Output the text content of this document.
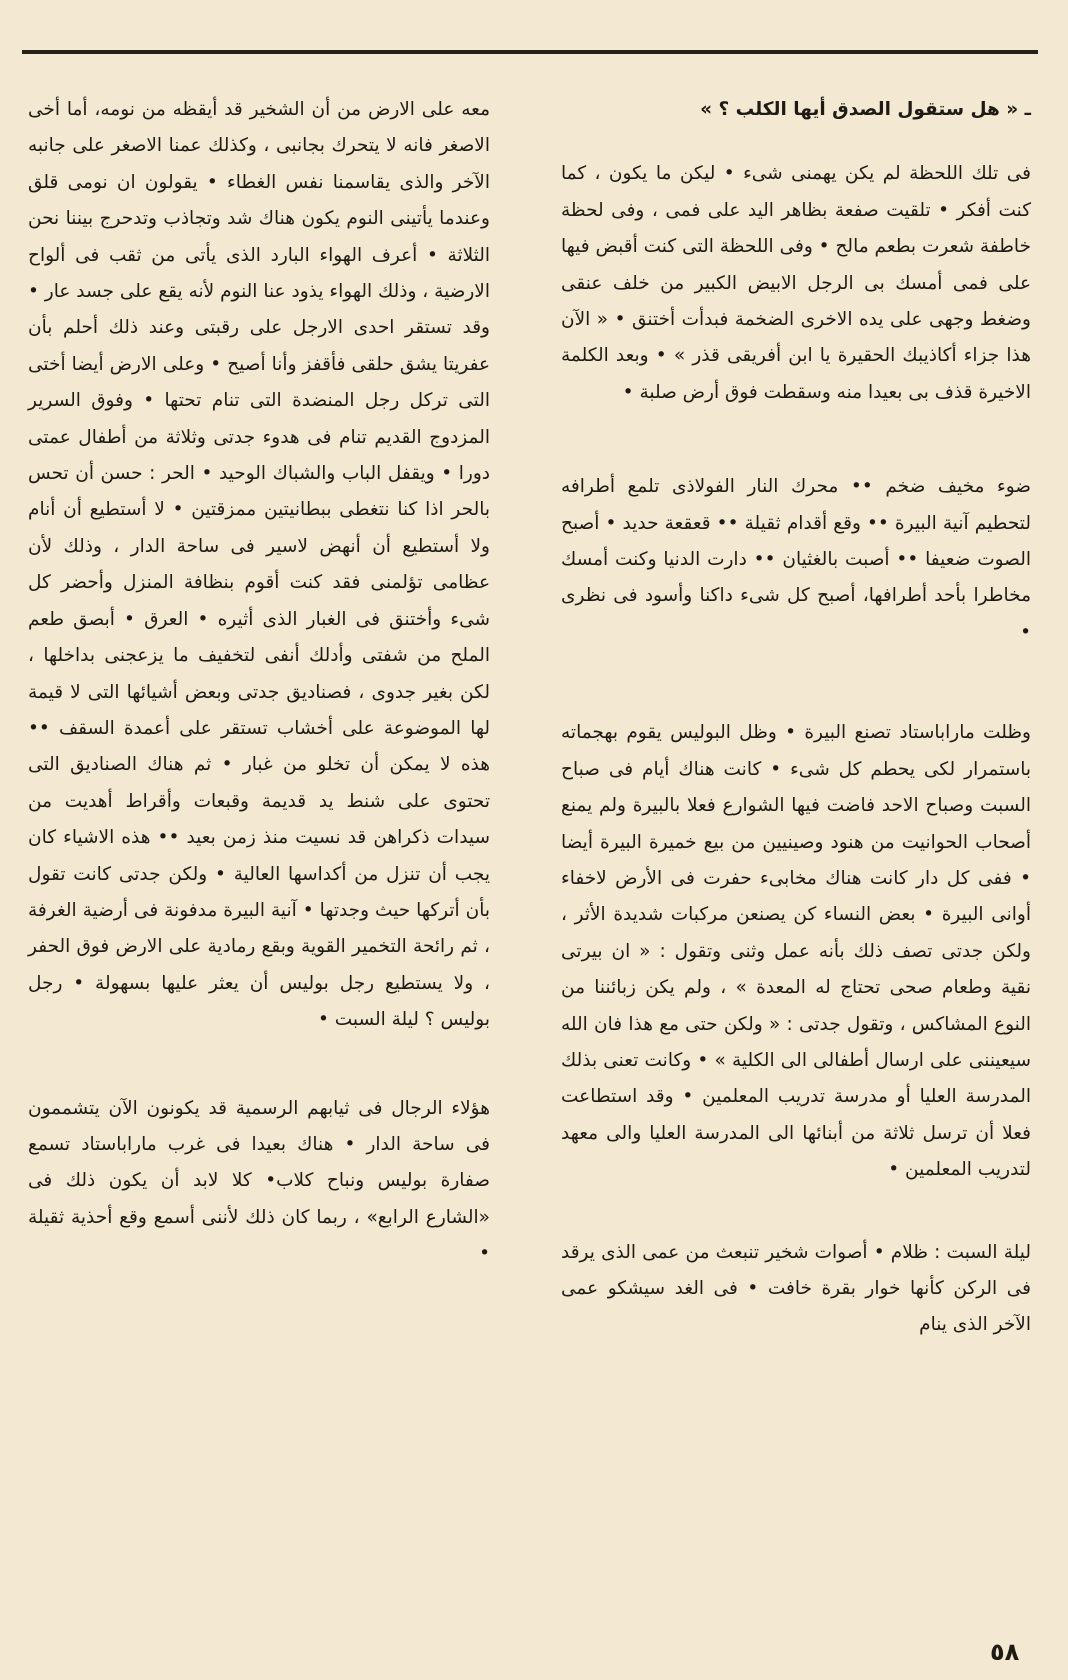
ـ « هل ستقول الصدق أيها الكلب ؟ »

فى تلك اللحظة لم يكن يهمنى شىء • ليكن ما يكون ، كما كنت أفكر • تلقيت صفعة بظاهر اليد على فمى ، وفى لحظة خاطفة شعرت بطعم مالح • وفى اللحظة التى كنت أقبض فيها على فمى أمسك بى الرجل الابيض الكبير من خلف عنقى وضغط وجهى على يده الاخرى الضخمة فبدأت أختنق • « الآن هذا جزاء أكاذيبك الحقيرة يا ابن أفريقى قذر » • وبعد الكلمة الاخيرة قذف بى بعيدا منه وسقطت فوق أرض صلبة •

ضوء مخيف ضخم •• محرك النار الفولاذى تلمع أطرافه لتحطيم آنية البيرة •• وقع أقدام ثقيلة •• قعقعة حديد • أصبح الصوت ضعيفا •• أصبت بالغثيان •• دارت الدنيا وكنت أمسك مخاطرا بأحد أطرافها، أصبح كل شىء داكنا وأسود فى نظرى •

وظلت ماراباستاد تصنع البيرة • وظل البوليس يقوم بهجماته باستمرار لكى يحطم كل شىء • كانت هناك أيام فى صباح السبت وصباح الاحد فاضت فيها الشوارع فعلا بالبيرة ولم يمنع أصحاب الحوانيت من هنود وصينيين من بيع خميرة البيرة أيضا • ففى كل دار كانت هناك مخابىء حفرت فى الأرض لاخفاء أوانى البيرة • بعض النساء كن يصنعن مركبات شديدة الأثر ، ولكن جدتى تصف ذلك بأنه عمل وثنى وتقول : « ان بيرتى نقية وطعام صحى تحتاج له المعدة » ، ولم يكن زبائننا من النوع المشاكس ، وتقول جدتى : « ولكن حتى مع هذا فان الله سيعيننى على ارسال أطفالى الى الكلية » • وكانت تعنى بذلك المدرسة العليا أو مدرسة تدريب المعلمين • وقد استطاعت فعلا أن ترسل ثلاثة من أبنائها الى المدرسة العليا والى معهد لتدريب المعلمين •

ليلة السبت : ظلام • أصوات شخير تنبعث من عمى الذى يرقد فى الركن كأنها خوار بقرة خافت • فى الغد سيشكو عمى الآخر الذى ينام

معه على الارض من أن الشخير قد أيقظه من نومه، أما أخى الاصغر فانه لا يتحرك بجانبى ، وكذلك عمنا الاصغر على جانبه الآخر والذى يقاسمنا نفس الغطاء • يقولون ان نومى قلق وعندما يأتينى النوم يكون هناك شد وتجاذب وتدحرج بيننا نحن الثلاثة • أعرف الهواء البارد الذى يأتى من ثقب فى ألواح الارضية ، وذلك الهواء يذود عنا النوم لأنه يقع على جسد عار • وقد تستقر احدى الارجل على رقبتى وعند ذلك أحلم بأن عفريتا يشق حلقى فأقفز وأنا أصيح • وعلى الارض أيضا أختى التى تركل رجل المنضدة التى تنام تحتها • وفوق السرير المزدوج القديم تنام فى هدوء جدتى وثلاثة من أطفال عمتى دورا • ويقفل الباب والشباك الوحيد • الحر : حسن أن تحس بالحر اذا كنا نتغطى ببطانيتين ممزقتين • لا أستطيع أن أنام ولا أستطيع أن أنهض لاسير فى ساحة الدار ، وذلك لأن عظامى تؤلمنى فقد كنت أقوم بنظافة المنزل وأحضر كل شىء وأختنق فى الغبار الذى أثيره • العرق • أبصق طعم الملح من شفتى وأدلك أنفى لتخفيف ما يزعجنى بداخلها ، لكن بغير جدوى ، فصناديق جدتى وبعض أشيائها التى لا قيمة لها الموضوعة على أخشاب تستقر على أعمدة السقف •• هذه لا يمكن أن تخلو من غبار • ثم هناك الصناديق التى تحتوى على شنط يد قديمة وقبعات وأقراط أهديت من سيدات ذكراهن قد نسيت منذ زمن بعيد •• هذه الاشياء كان يجب أن تنزل من أكداسها العالية • ولكن جدتى كانت تقول بأن أتركها حيث وجدتها • آنية البيرة مدفونة فى أرضية الغرفة ، ثم رائحة التخمير القوية وبقع رمادية على الارض فوق الحفر ، ولا يستطيع رجل بوليس أن يعثر عليها بسهولة • رجل بوليس ؟ ليلة السبت •

هؤلاء الرجال فى ثيابهم الرسمية قد يكونون الآن يتشممون فى ساحة الدار • هناك بعيدا فى غرب ماراباستاد تسمع صفارة بوليس ونباح كلاب• كلا لابد أن يكون ذلك فى «الشارع الرابع» ، ربما كان ذلك لأننى أسمع وقع أحذية ثقيلة •

٥٨
